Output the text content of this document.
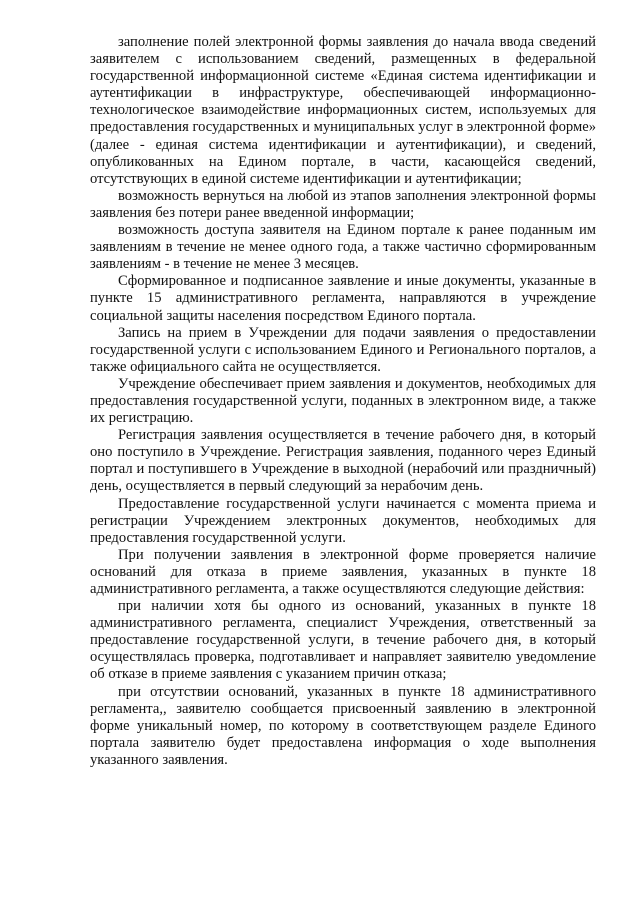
заполнение полей электронной формы заявления до начала ввода сведений заявителем с использованием сведений, размещенных в федеральной государственной информационной системе «Единая система идентификации и аутентификации в инфраструктуре, обеспечивающей информационно-технологическое взаимодействие информационных систем, используемых для предоставления государственных и муниципальных услуг в электронной форме» (далее - единая система идентификации и аутентификации), и сведений, опубликованных на Едином портале, в части, касающейся сведений, отсутствующих в единой системе идентификации и аутентификации;

возможность вернуться на любой из этапов заполнения электронной формы заявления без потери ранее введенной информации;

возможность доступа заявителя на Едином портале к ранее поданным им заявлениям в течение не менее одного года, а также частично сформированным заявлениям - в течение не менее 3 месяцев.

Сформированное и подписанное заявление и иные документы, указанные в пункте 15 административного регламента, направляются в учреждение социальной защиты населения посредством Единого портала.

Запись на прием в Учреждении для подачи заявления о предоставлении государственной услуги с использованием Единого и Регионального порталов, а также официального сайта не осуществляется.

Учреждение обеспечивает прием заявления и документов, необходимых для предоставления государственной услуги, поданных в электронном виде, а также их регистрацию.

Регистрация заявления осуществляется в течение рабочего дня, в который оно поступило в Учреждение. Регистрация заявления, поданного через Единый портал и поступившего в Учреждение в выходной (нерабочий или праздничный) день, осуществляется в первый следующий за нерабочим день.

Предоставление государственной услуги начинается с момента приема и регистрации Учреждением электронных документов, необходимых для предоставления государственной услуги.

При получении заявления в электронной форме проверяется наличие оснований для отказа в приеме заявления, указанных в пункте 18 административного регламента, а также осуществляются следующие действия:

при наличии хотя бы одного из оснований, указанных в пункте 18 административного регламента, специалист Учреждения, ответственный за предоставление государственной услуги, в течение рабочего дня, в который осуществлялась проверка, подготавливает и направляет заявителю уведомление об отказе в приеме заявления с указанием причин отказа;

при отсутствии оснований, указанных в пункте 18 административного регламента,, заявителю сообщается присвоенный заявлению в электронной форме уникальный номер, по которому в соответствующем разделе Единого портала заявителю будет предоставлена информация о ходе выполнения указанного заявления.
